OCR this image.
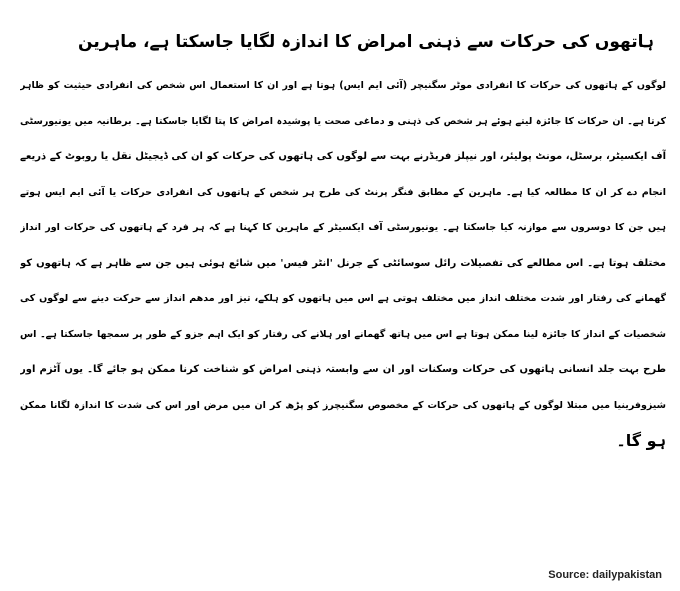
ہاتھوں کی حرکات سے ذہنی امراض کا اندازہ لگایا جاسکتا ہے، ماہرین
لوگوں کے ہاتھوں کی حرکات کا انفرادی موٹر سگنیچر (آئی ایم ایس) ہوتا ہے اور ان کا استعمال اس شخص کی انفرادی حیثیت کو ظاہر
کرتا ہے۔ ان حرکات کا جائزہ لیتے ہوئے ہر شخص کی ذہنی و دماغی صحت یا پوشیدہ امراض کا پتا لگایا جاسکتا ہے۔ برطانیہ میں یونیورسٹی
آف ایکسیٹر، برسٹل، مونٹ پولیئر، اور نیپلز فریڈرنے بہت سے لوگوں کی ہاتھوں کی حرکات کو ان کی ڈیجیٹل نقل یا روبوٹ کے ذریعے
انجام دے کر ان کا مطالعہ کیا ہے۔ ماہرین کے مطابق فنگر پرنٹ کی طرح ہر شخص کے ہاتھوں کی انفرادی حرکات یا آئی ایم ایس ہوتے
ہیں جن کا دوسروں سے موازنہ کیا جاسکتا ہے۔ یونیورسٹی آف ایکسیٹر کے ماہرین کا کہنا ہے کہ ہر فرد کے ہاتھوں کی حرکات اور انداز
مختلف ہوتا ہے۔ اس مطالعے کی تفصیلات رائل سوسائٹی کے جرنل 'انٹر فیس' میں شائع ہوئی ہیں جن سے ظاہر ہے کہ ہاتھوں کو
گھمانے کی رفتار اور شدت مختلف انداز میں مختلف ہوتی ہے اس میں ہاتھوں کو ہلکے، تیز اور مدھم انداز سے حرکت دینے سے لوگوں کی
شخصیات کے انداز کا جائزہ لینا ممکن ہوتا ہے اس میں ہاتھ گھمانے اور ہلانے کی رفتار کو ایک اہم جزو کے طور پر سمجھا جاسکتا ہے۔ اس
طرح بہت جلد انسانی ہاتھوں کی حرکات وسکنات اور ان سے وابستہ ذہنی امراض کو شناخت کرنا ممکن ہو جائے گا۔ یوں آٹزم اور
شیزوفرینیا میں مبتلا لوگوں کے ہاتھوں کی حرکات کے مخصوص سگنیچرز کو پڑھ کر ان میں مرض اور اس کی شدت کا اندازہ لگانا ممکن
ہو گا۔
Source: dailypakistan
